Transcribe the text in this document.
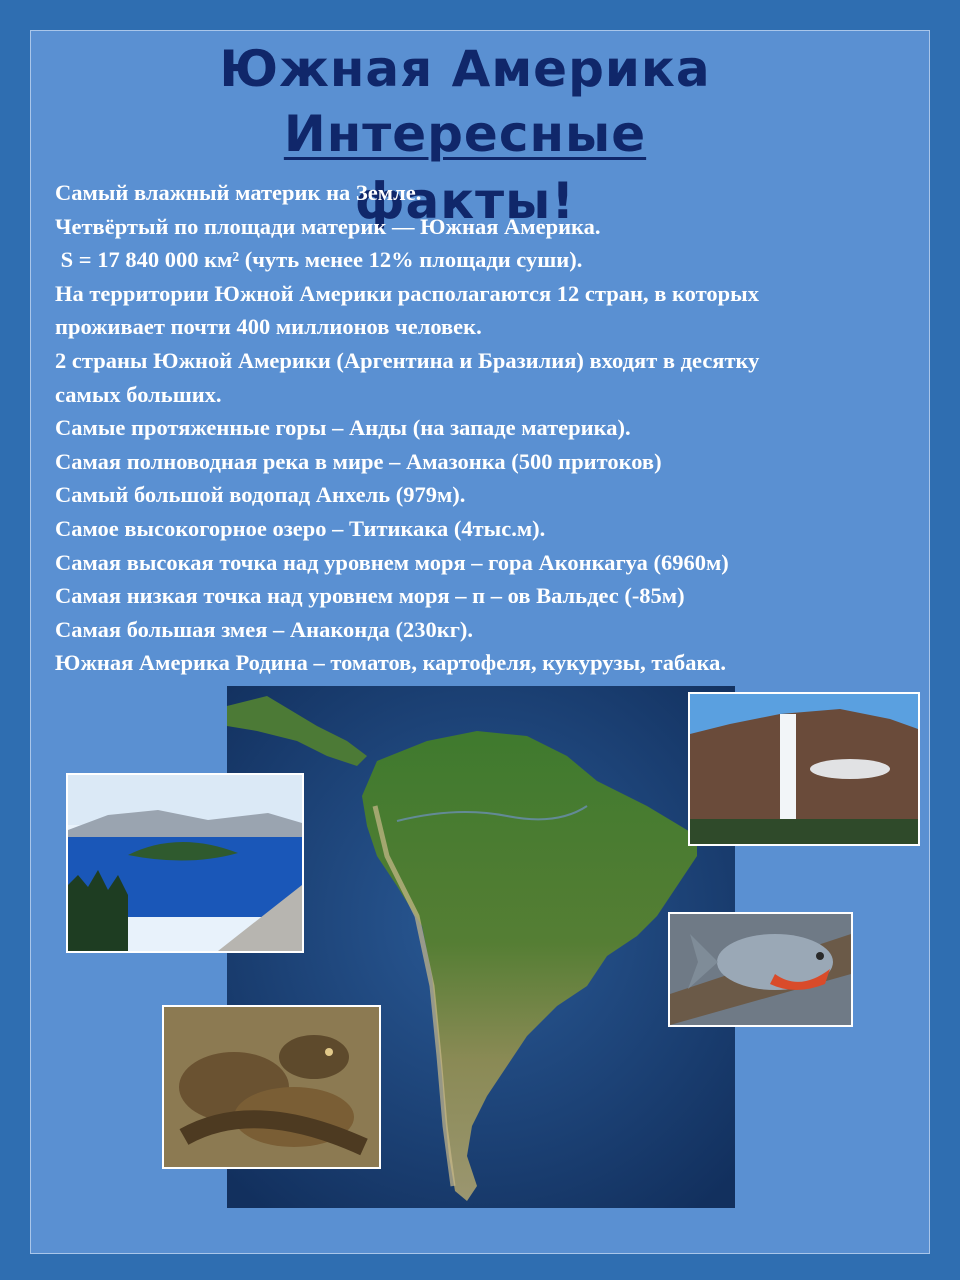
Южная Америка
Интересные
факты!
Самый влажный материк на Земле.
Четвёртый по площади материк — Южная Америка.
S = 17 840 000 км² (чуть менее 12% площади суши).
На территории Южной Америки располагаются 12 стран, в которых
проживает почти 400 миллионов человек.
2 страны Южной Америки (Аргентина и Бразилия) входят в десятку
самых больших.
Самые протяженные горы – Анды (на западе материка).
Самая полноводная река в мире – Амазонка (500 притоков)
Самый большой водопад Анхель (979м).
Самое высокогорное озеро – Титикака (4тыс.м).
Самая высокая точка над уровнем моря – гора Аконкагуа (6960м)
Самая низкая точка над уровнем моря – п – ов Вальдес (-85м)
Самая большая змея – Анаконда (230кг).
Южная Америка Родина – томатов, картофеля, кукурузы, табака.
